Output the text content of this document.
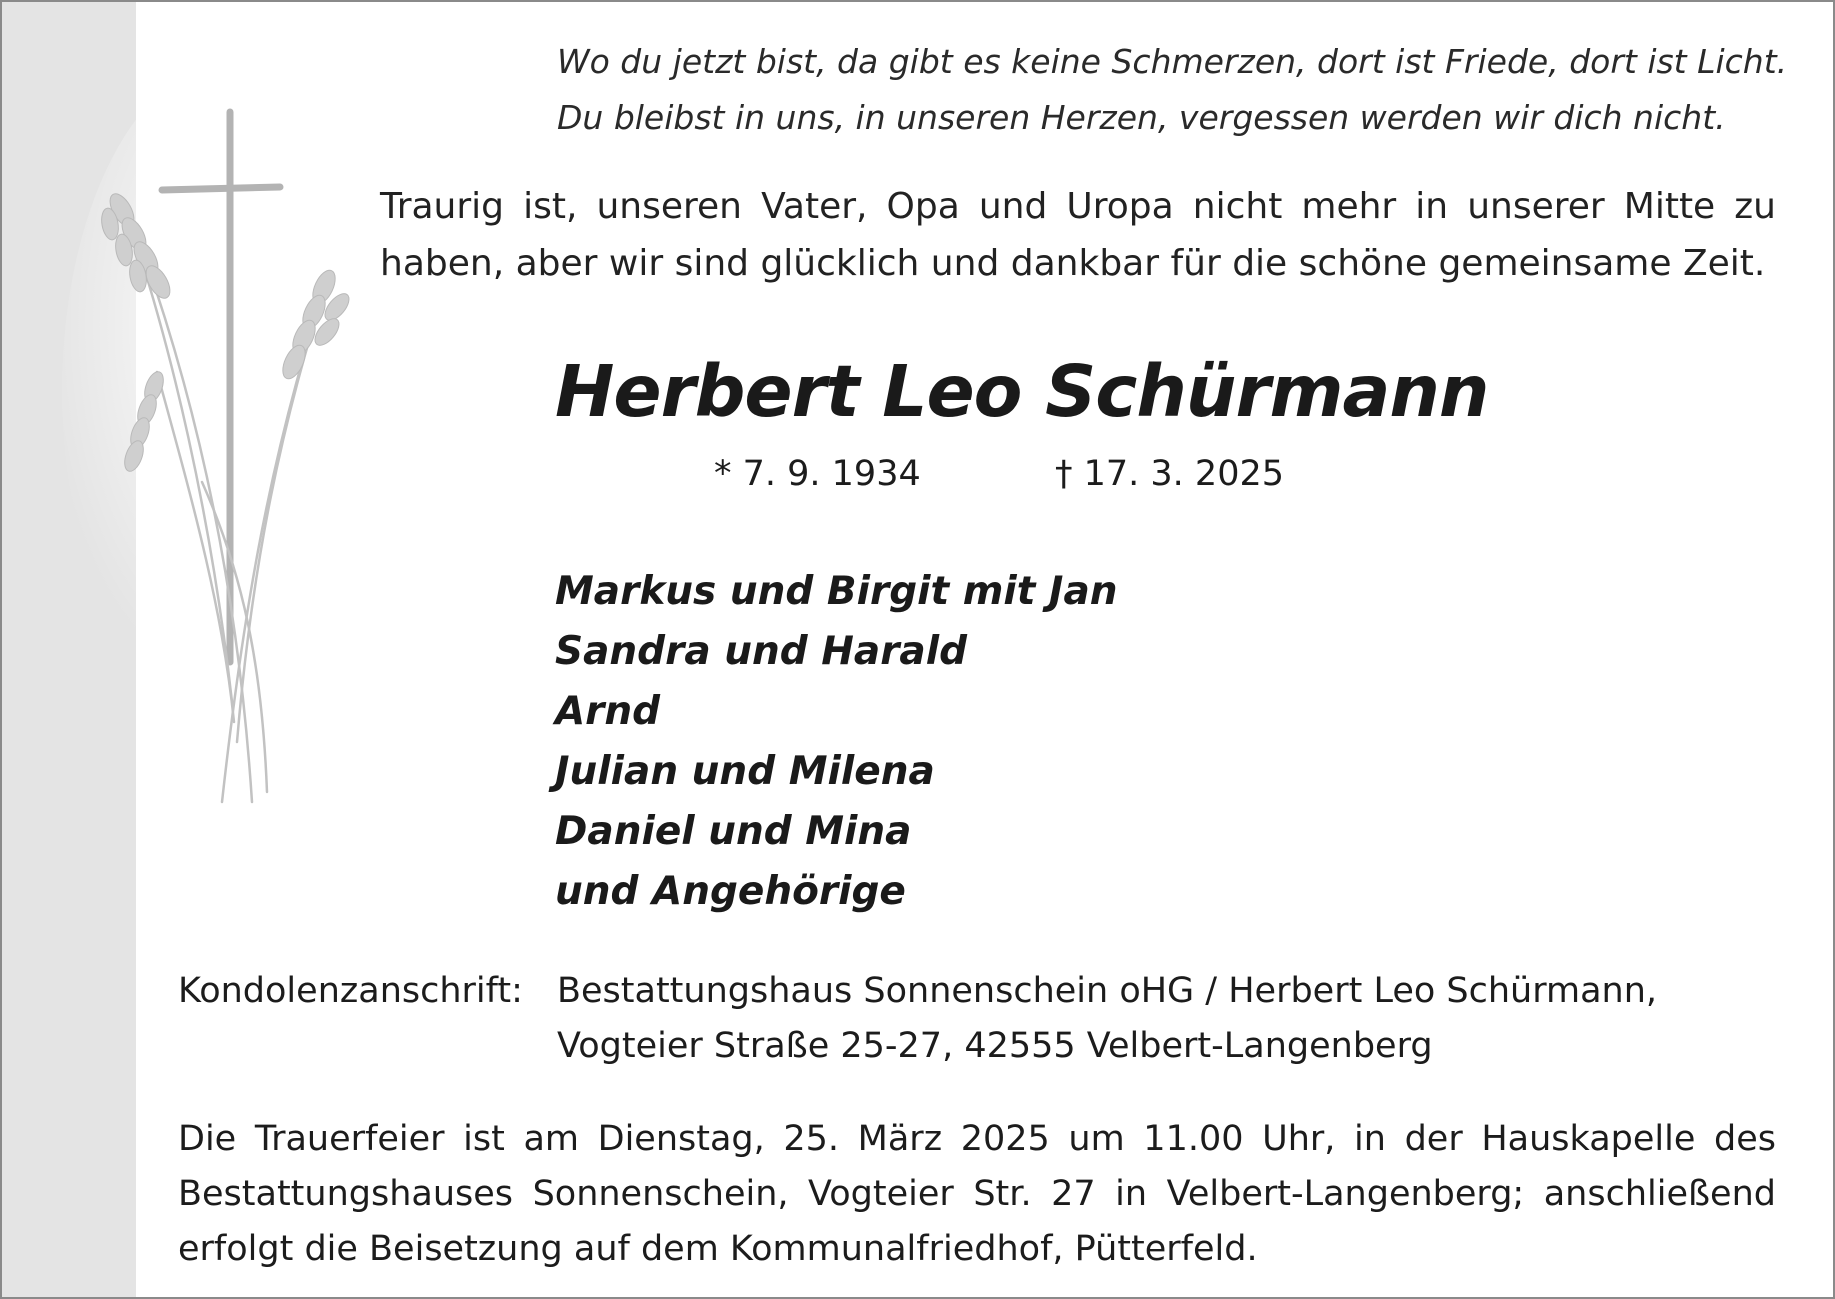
Wo du jetzt bist, da gibt es keine Schmerzen, dort ist Friede, dort ist Licht.
Du bleibst in uns, in unseren Herzen, vergessen werden wir dich nicht.

Traurig ist, unseren Vater, Opa und Uropa nicht mehr in unserer Mitte zu
haben, aber wir sind glücklich und dankbar für die schöne gemeinsame Zeit.

Herbert Leo Schürmann
* 7. 9. 1934	† 17. 3. 2025
Markus und Birgit mit Jan
Sandra und Harald
Arnd
Julian und Milena
Daniel und Mina
und Angehörige
Kondolenzanschrift: Bestattungshaus Sonnenschein oHG / Herbert Leo Schürmann,
Vogteier Straße 25-27, 42555 Velbert-Langenberg
Die Trauerfeier ist am Dienstag, 25. März 2025 um 11.00 Uhr, in der Hauskapelle des
Bestattungshauses Sonnenschein, Vogteier Str. 27 in Velbert-Langenberg; anschließend
erfolgt die Beisetzung auf dem Kommunalfriedhof, Pütterfeld.
